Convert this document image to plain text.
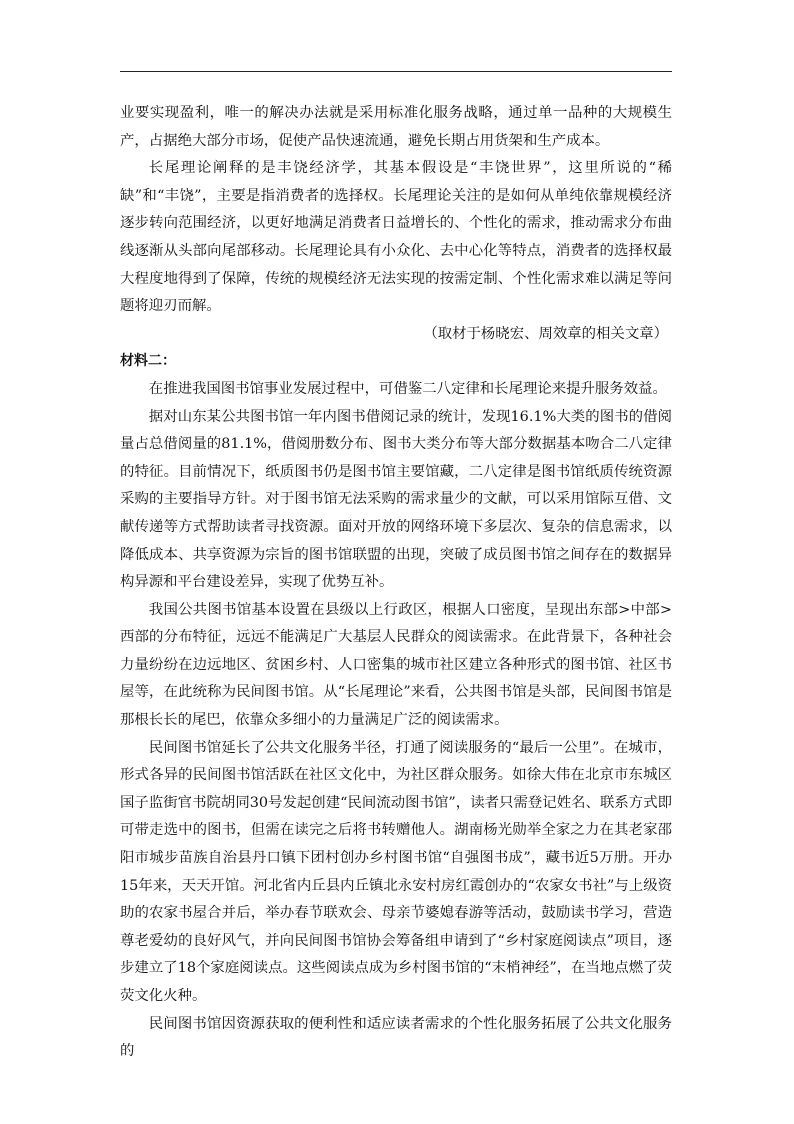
业要实现盈利，唯一的解决办法就是采用标准化服务战略，通过单一品种的大规模生产，占据绝大部分市场，促使产品快速流通，避免长期占用货架和生产成本。

长尾理论阐释的是丰饶经济学，其基本假设是“丰饶世界”，这里所说的“稀缺”和“丰饶”，主要是指消费者的选择权。长尾理论关注的是如何从单纯依靠规模经济逐步转向范围经济，以更好地满足消费者日益增长的、个性化的需求，推动需求分布曲线逐渐从头部向尾部移动。长尾理论具有小众化、去中心化等特点，消费者的选择权最大程度地得到了保障，传统的规模经济无法实现的按需定制、个性化需求难以满足等问题将迎刃而解。

（取材于杨晓宏、周效章的相关文章）

材料二：

在推进我国图书馆事业发展过程中，可借鉴二八定律和长尾理论来提升服务效益。

据对山东某公共图书馆一年内图书借阅记录的统计，发现16.1%大类的图书的借阅量占总借阅量的81.1%，借阅册数分布、图书大类分布等大部分数据基本吻合二八定律的特征。目前情况下，纸质图书仍是图书馆主要馆藏，二八定律是图书馆纸质传统资源采购的主要指导方针。对于图书馆无法采购的需求量少的文献，可以采用馆际互借、文献传递等方式帮助读者寻找资源。面对开放的网络环境下多层次、复杂的信息需求，以降低成本、共享资源为宗旨的图书馆联盟的出现，突破了成员图书馆之间存在的数据异构异源和平台建设差异，实现了优势互补。

我国公共图书馆基本设置在县级以上行政区，根据人口密度，呈现出东部>中部>西部的分布特征，远远不能满足广大基层人民群众的阅读需求。在此背景下，各种社会力量纷纷在边远地区、贫困乡村、人口密集的城市社区建立各种形式的图书馆、社区书屋等，在此统称为民间图书馆。从“长尾理论”来看，公共图书馆是头部，民间图书馆是那根长长的尾巴，依靠众多细小的力量满足广泛的阅读需求。

民间图书馆延长了公共文化服务半径，打通了阅读服务的“最后一公里”。在城市，形式各异的民间图书馆活跃在社区文化中，为社区群众服务。如徐大伟在北京市东城区国子监街官书院胡同30号发起创建“民间流动图书馆”，读者只需登记姓名、联系方式即可带走选中的图书，但需在读完之后将书转赠他人。湖南杨光勋举全家之力在其老家邵阳市城步苗族自治县丹口镇下团村创办乡村图书馆“自强图书成”，藏书近5万册。开办15年来，天天开馆。河北省内丘县内丘镇北永安村房红霞创办的“农家女书社”与上级资助的农家书屋合并后，举办春节联欢会、母亲节婆媳春游等活动，鼓励读书学习，营造尊老爱幼的良好风气，并向民间图书馆协会筹备组申请到了“乡村家庭阅读点”项目，逐步建立了18个家庭阅读点。这些阅读点成为乡村图书馆的“末梢神经”，在当地点燃了荧荧文化火种。

民间图书馆因资源获取的便利性和适应读者需求的个性化服务拓展了公共文化服务的
